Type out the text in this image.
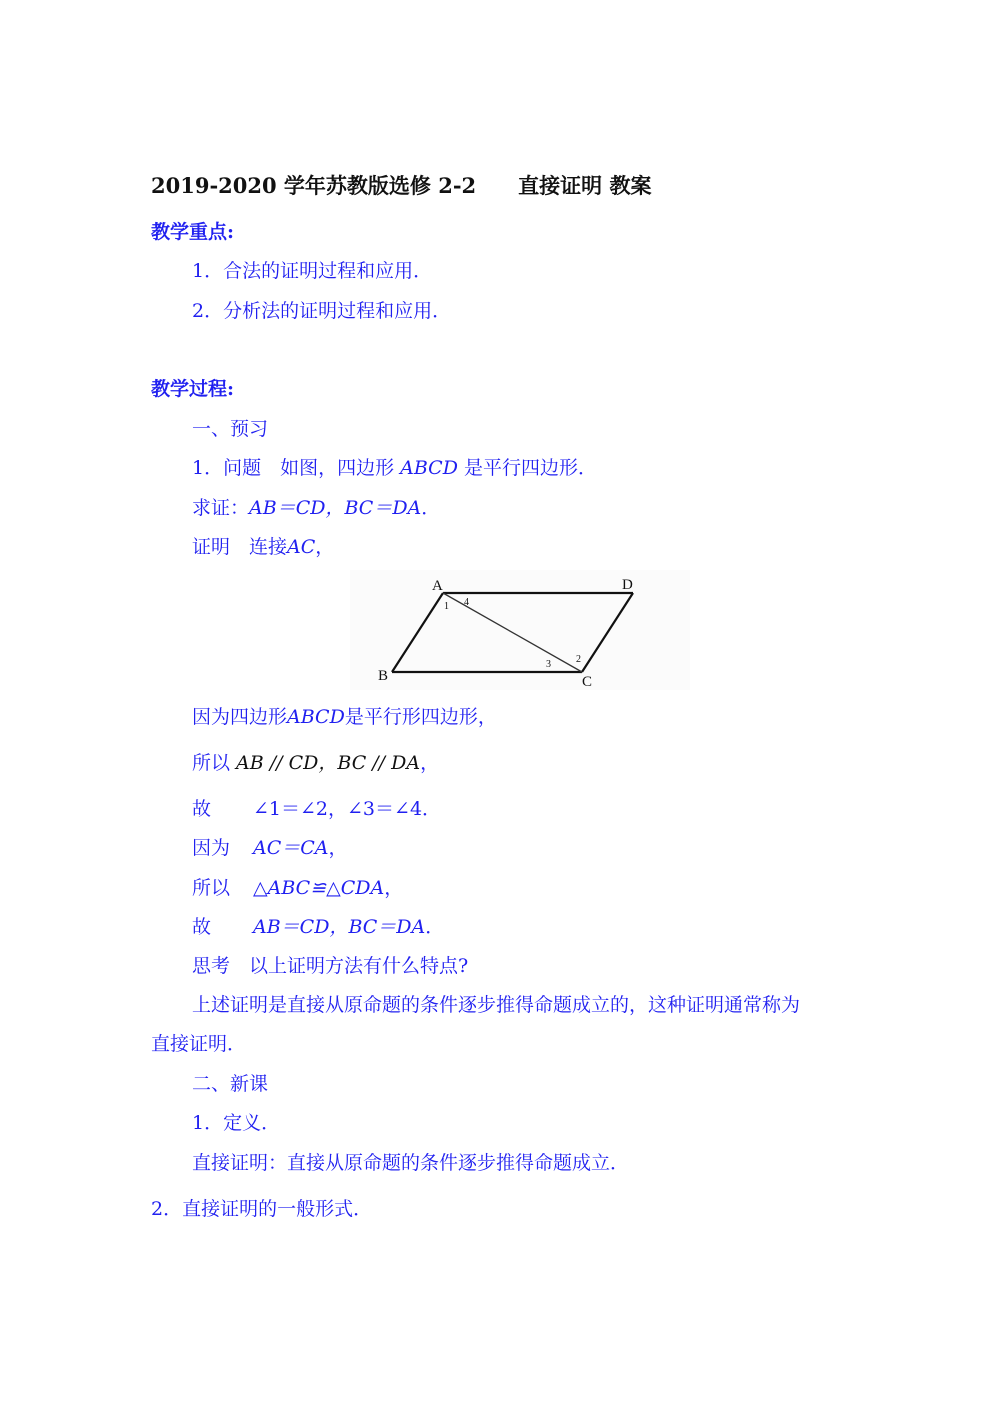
2019-2020 学年苏教版选修 2-2　　直接证明 教案
教学重点:
1．合法的证明过程和应用．
2．分析法的证明过程和应用．
教学过程:
一、预习
1．问题　如图，四边形 ABCD 是平行四边形．
求证：AB＝CD，BC＝DA．
证明　连接AC，
A	D
B	C
1 4
3	2
因为四边形ABCD是平行形四边形，
所以 AB // CD，BC // DA，
故 ∠1＝∠2，∠3＝∠4．
因为 AC＝CA，
所以 △ABC≌△CDA，
故 AB＝CD，BC＝DA．
思考　以上证明方法有什么特点?
上述证明是直接从原命题的条件逐步推得命题成立的，这种证明通常称为
直接证明．
二、新课
1．定义．
直接证明：直接从原命题的条件逐步推得命题成立．
2．直接证明的一般形式．
